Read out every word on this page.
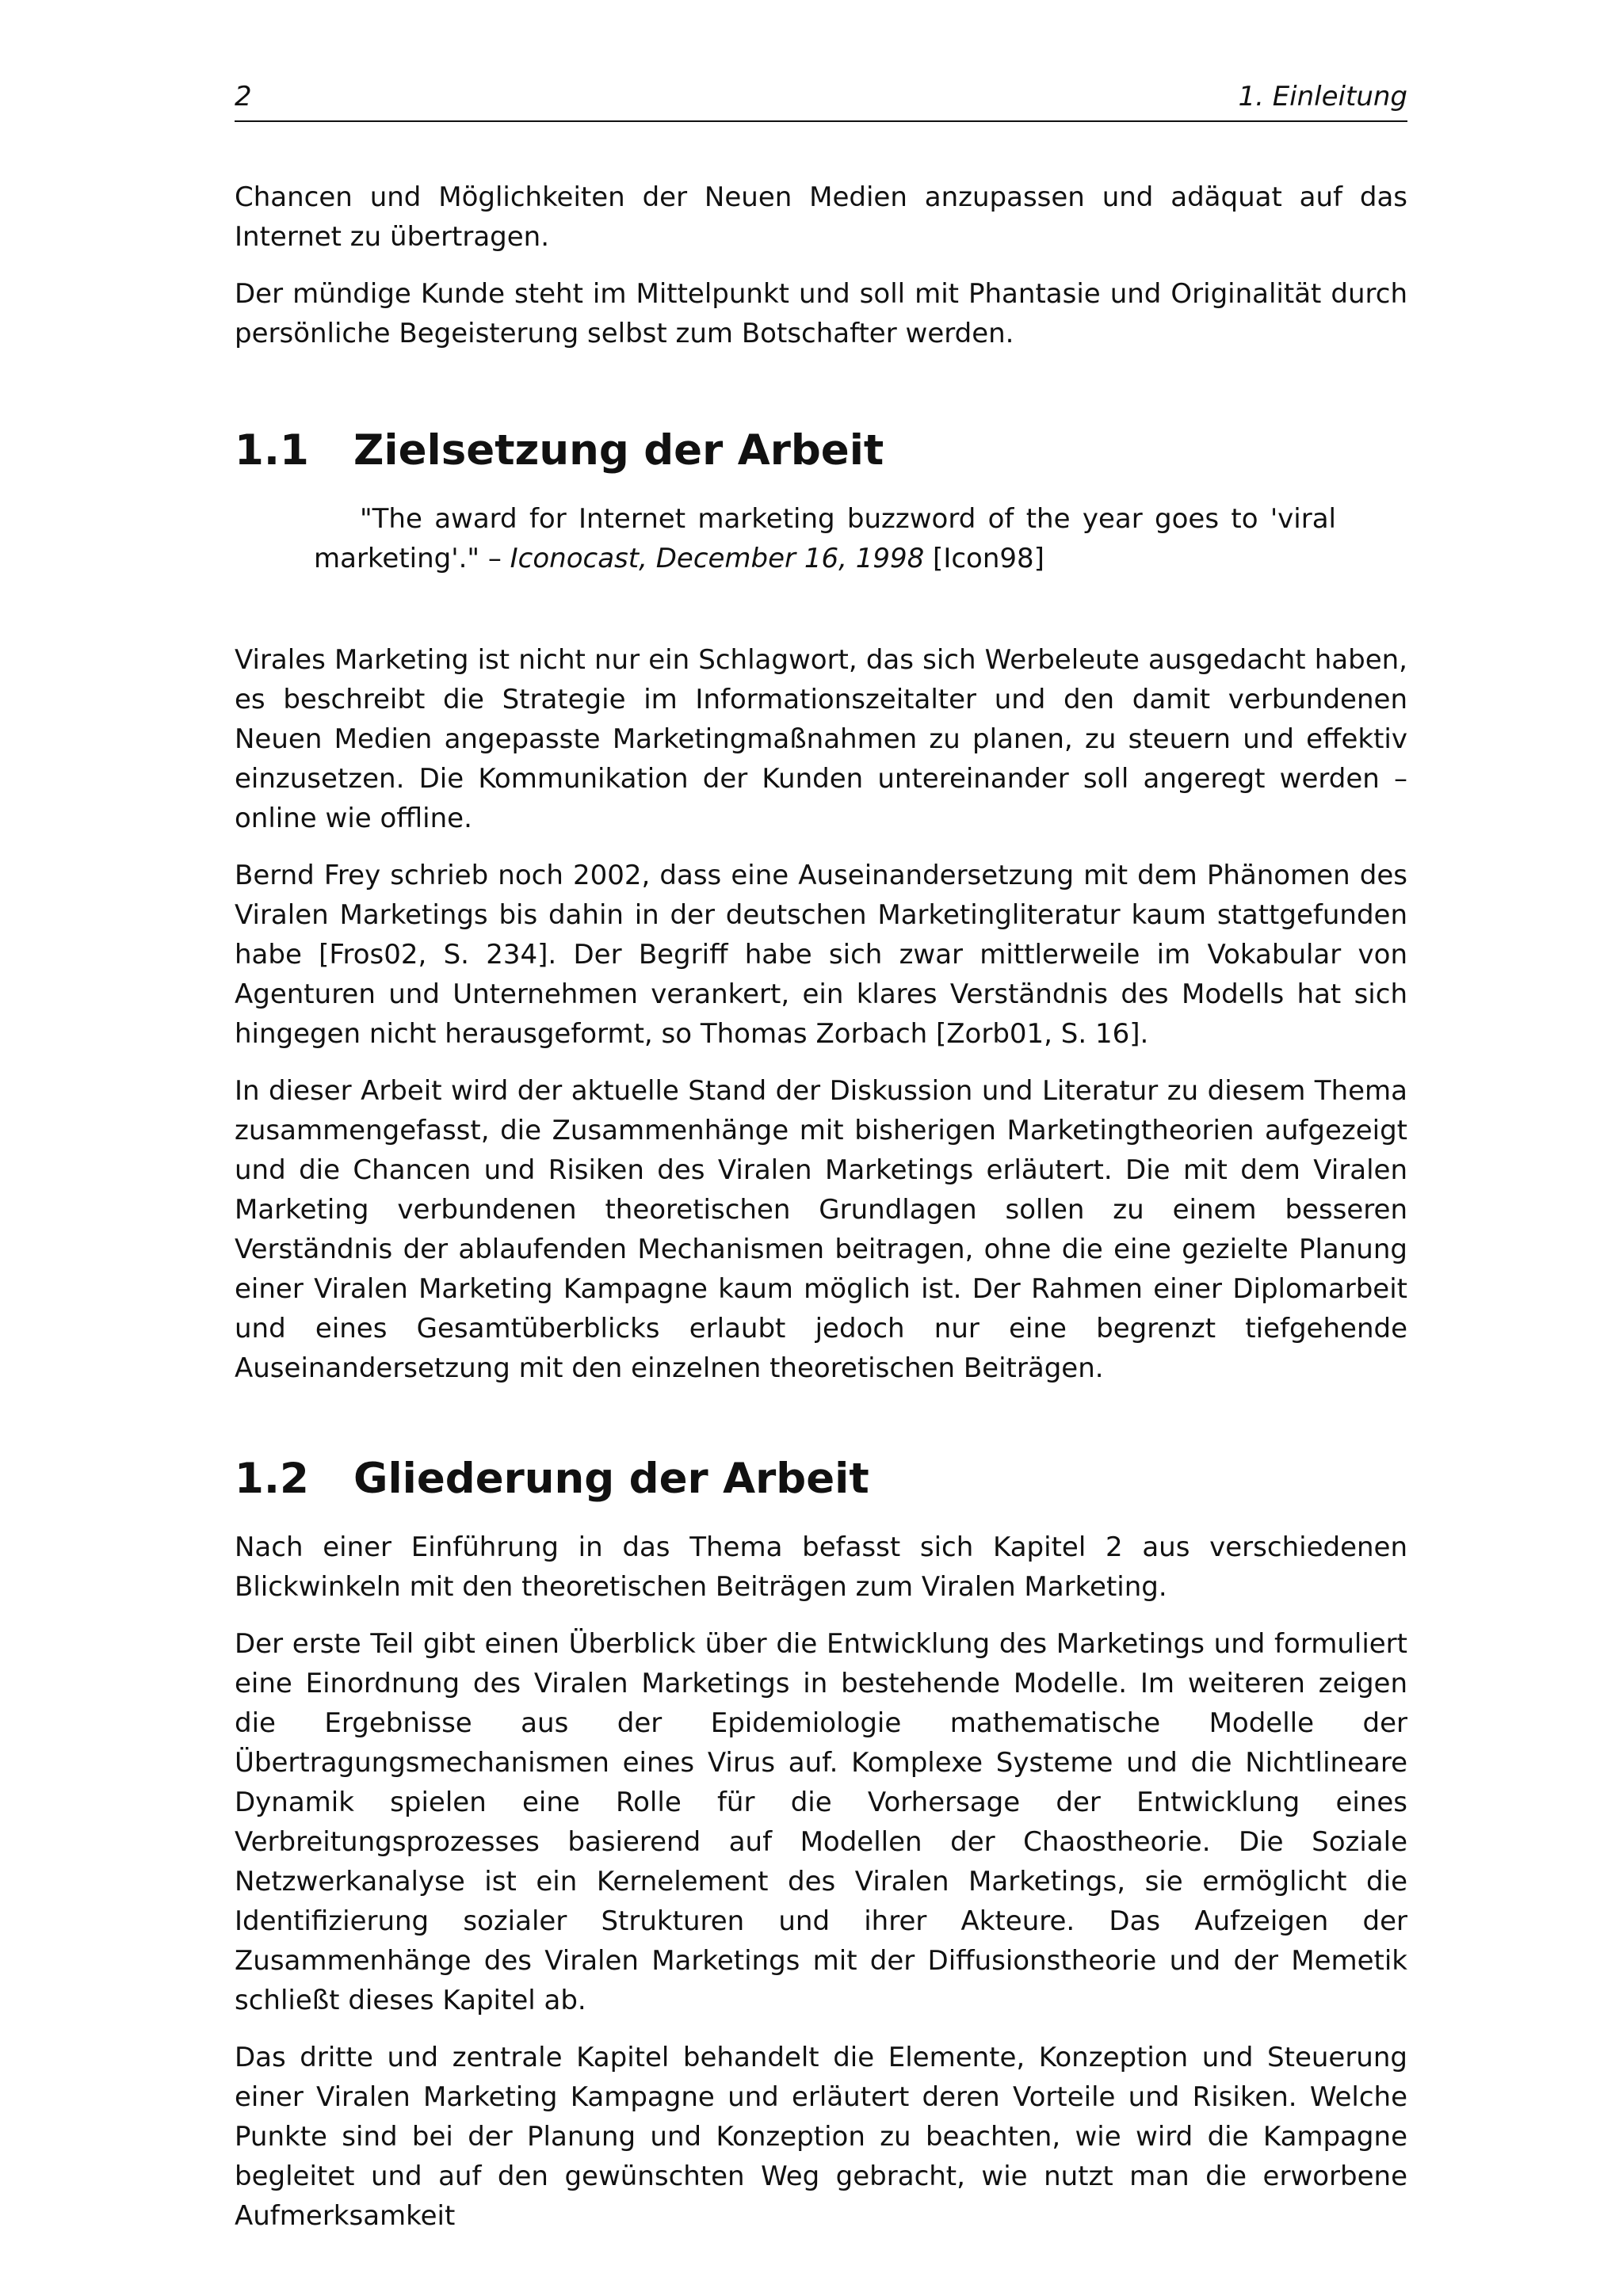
2	1. Einleitung

Chancen und Möglichkeiten der Neuen Medien anzupassen und adäquat auf das Internet zu übertragen.

Der mündige Kunde steht im Mittelpunkt und soll mit Phantasie und Originalität durch persönliche Begeisterung selbst zum Botschafter werden.

1.1	Zielsetzung der Arbeit
"The award for Internet marketing buzzword of the year goes to 'viral marketing'." – Iconocast, December 16, 1998 [Icon98]

Virales Marketing ist nicht nur ein Schlagwort, das sich Werbeleute ausgedacht haben, es beschreibt die Strategie im Informationszeitalter und den damit verbundenen Neuen Medien angepasste Marketingmaßnahmen zu planen, zu steuern und effektiv einzusetzen. Die Kommunikation der Kunden untereinander soll angeregt werden – online wie offline.

Bernd Frey schrieb noch 2002, dass eine Auseinandersetzung mit dem Phänomen des Viralen Marketings bis dahin in der deutschen Marketingliteratur kaum stattgefunden habe [Fros02, S. 234]. Der Begriff habe sich zwar mittlerweile im Vokabular von Agenturen und Unternehmen verankert, ein klares Verständnis des Modells hat sich hingegen nicht herausgeformt, so Thomas Zorbach [Zorb01, S. 16].

In dieser Arbeit wird der aktuelle Stand der Diskussion und Literatur zu diesem Thema zusammengefasst, die Zusammenhänge mit bisherigen Marketingtheorien aufgezeigt und die Chancen und Risiken des Viralen Marketings erläutert. Die mit dem Viralen Marketing verbundenen theoretischen Grundlagen sollen zu einem besseren Verständnis der ablaufenden Mechanismen beitragen, ohne die eine gezielte Planung einer Viralen Marketing Kampagne kaum möglich ist. Der Rahmen einer Diplomarbeit und eines Gesamtüberblicks erlaubt jedoch nur eine begrenzt tiefgehende Auseinandersetzung mit den einzelnen theoretischen Beiträgen.

1.2	Gliederung der Arbeit

Nach einer Einführung in das Thema befasst sich Kapitel 2 aus verschiedenen Blickwinkeln mit den theoretischen Beiträgen zum Viralen Marketing.

Der erste Teil gibt einen Überblick über die Entwicklung des Marketings und formuliert eine Einordnung des Viralen Marketings in bestehende Modelle. Im weiteren zeigen die Ergebnisse aus der Epidemiologie mathematische Modelle der Übertragungsmechanismen eines Virus auf. Komplexe Systeme und die Nichtlineare Dynamik spielen eine Rolle für die Vorhersage der Entwicklung eines Verbreitungsprozesses basierend auf Modellen der Chaostheorie. Die Soziale Netzwerkanalyse ist ein Kernelement des Viralen Marketings, sie ermöglicht die Identifizierung sozialer Strukturen und ihrer Akteure. Das Aufzeigen der Zusammenhänge des Viralen Marketings mit der Diffusionstheorie und der Memetik schließt dieses Kapitel ab.

Das dritte und zentrale Kapitel behandelt die Elemente, Konzeption und Steuerung einer Viralen Marketing Kampagne und erläutert deren Vorteile und Risiken. Welche Punkte sind bei der Planung und Konzeption zu beachten, wie wird die Kampagne begleitet und auf den gewünschten Weg gebracht, wie nutzt man die erworbene Aufmerksamkeit
